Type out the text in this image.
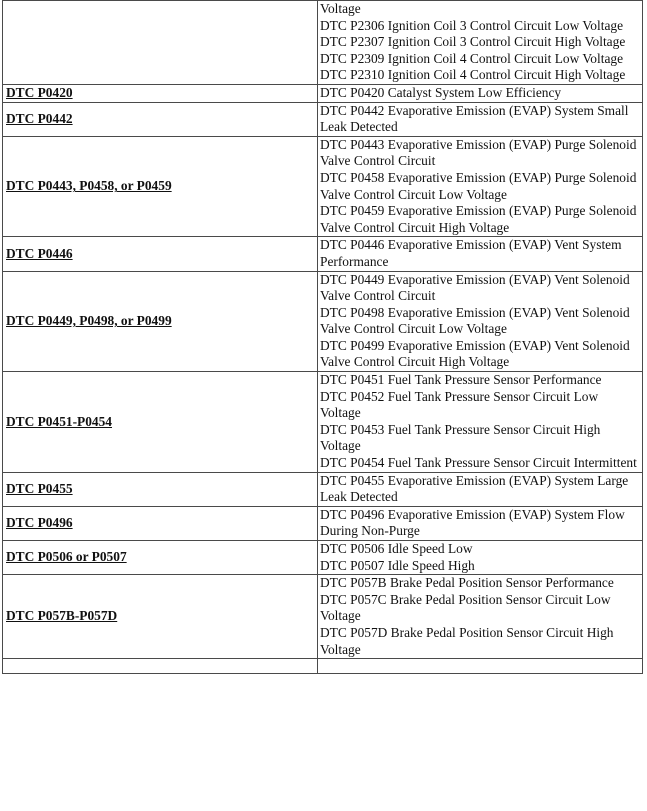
	Voltage
DTC P2306 Ignition Coil 3 Control Circuit Low Voltage
DTC P2307 Ignition Coil 3 Control Circuit High Voltage
DTC P2309 Ignition Coil 4 Control Circuit Low Voltage
DTC P2310 Ignition Coil 4 Control Circuit High Voltage

DTC P0420	DTC P0420 Catalyst System Low Efficiency

DTC P0442	DTC P0442 Evaporative Emission (EVAP) System Small Leak Detected

DTC P0443, P0458, or P0459	DTC P0443 Evaporative Emission (EVAP) Purge Solenoid Valve Control Circuit
DTC P0458 Evaporative Emission (EVAP) Purge Solenoid Valve Control Circuit Low Voltage
DTC P0459 Evaporative Emission (EVAP) Purge Solenoid Valve Control Circuit High Voltage

DTC P0446	DTC P0446 Evaporative Emission (EVAP) Vent System Performance

DTC P0449, P0498, or P0499	DTC P0449 Evaporative Emission (EVAP) Vent Solenoid Valve Control Circuit
DTC P0498 Evaporative Emission (EVAP) Vent Solenoid Valve Control Circuit Low Voltage
DTC P0499 Evaporative Emission (EVAP) Vent Solenoid Valve Control Circuit High Voltage

DTC P0451-P0454	DTC P0451 Fuel Tank Pressure Sensor Performance
DTC P0452 Fuel Tank Pressure Sensor Circuit Low Voltage
DTC P0453 Fuel Tank Pressure Sensor Circuit High Voltage
DTC P0454 Fuel Tank Pressure Sensor Circuit Intermittent

DTC P0455	DTC P0455 Evaporative Emission (EVAP) System Large Leak Detected

DTC P0496	DTC P0496 Evaporative Emission (EVAP) System Flow During Non-Purge

DTC P0506 or P0507	DTC P0506 Idle Speed Low
DTC P0507 Idle Speed High

DTC P057B-P057D	DTC P057B Brake Pedal Position Sensor Performance
DTC P057C Brake Pedal Position Sensor Circuit Low Voltage
DTC P057D Brake Pedal Position Sensor Circuit High Voltage
